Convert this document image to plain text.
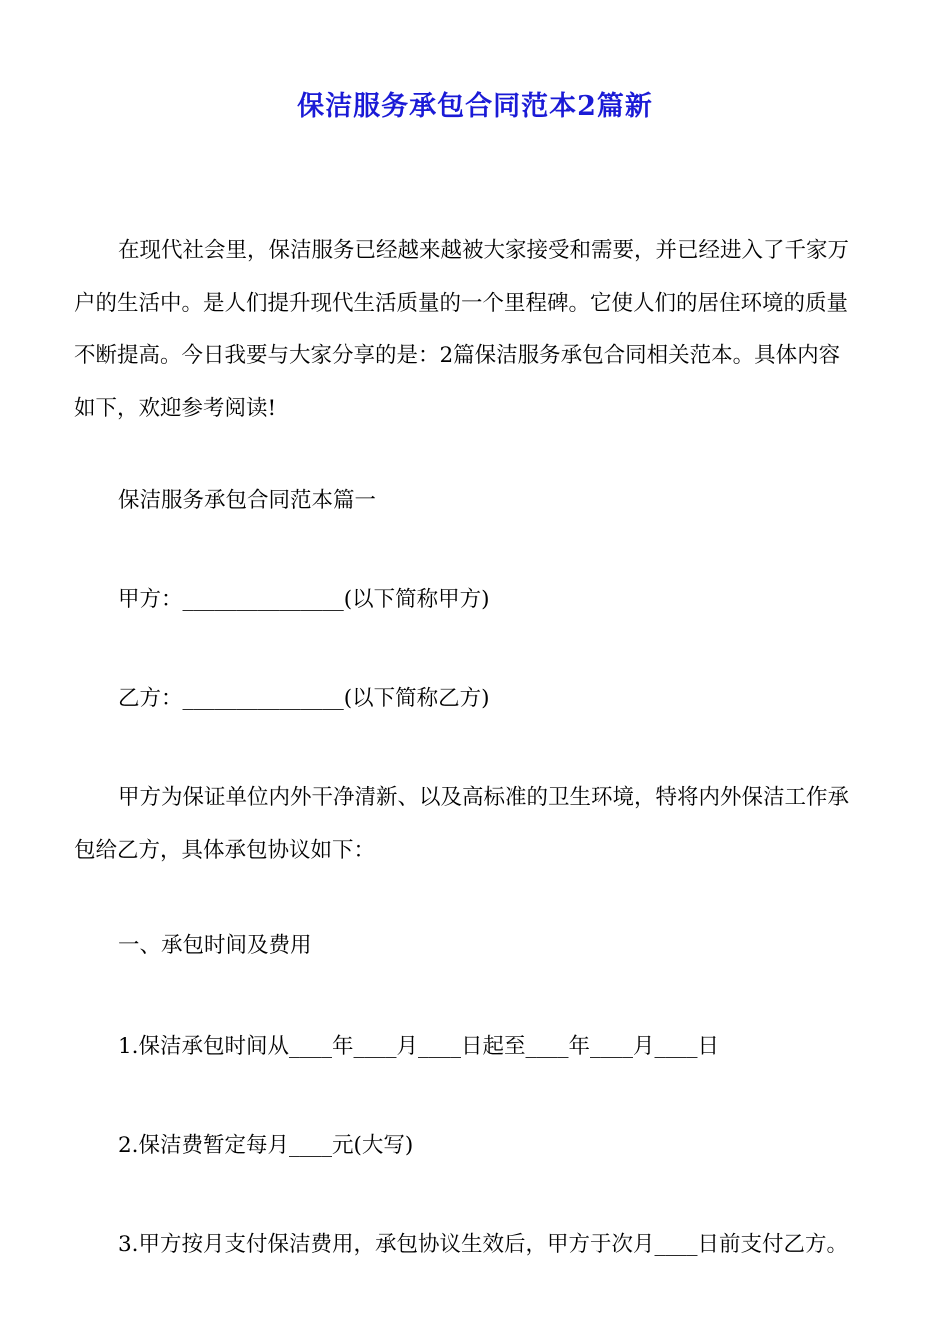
保洁服务承包合同范本2篇新
在现代社会里，保洁服务已经越来越被大家接受和需要，并已经进入了千家万
户的生活中。是人们提升现代生活质量的一个里程碑。它使人们的居住环境的质量
不断提高。今日我要与大家分享的是：2篇保洁服务承包合同相关范本。具体内容
如下，欢迎参考阅读!
保洁服务承包合同范本篇一
甲方：_______________(以下简称甲方)
乙方：_______________(以下简称乙方)
甲方为保证单位内外干净清新、以及高标准的卫生环境，特将内外保洁工作承
包给乙方，具体承包协议如下：
一、承包时间及费用
1.保洁承包时间从____年____月____日起至____年____月____日
2.保洁费暂定每月____元(大写)
3.甲方按月支付保洁费用，承包协议生效后，甲方于次月____日前支付乙方。
